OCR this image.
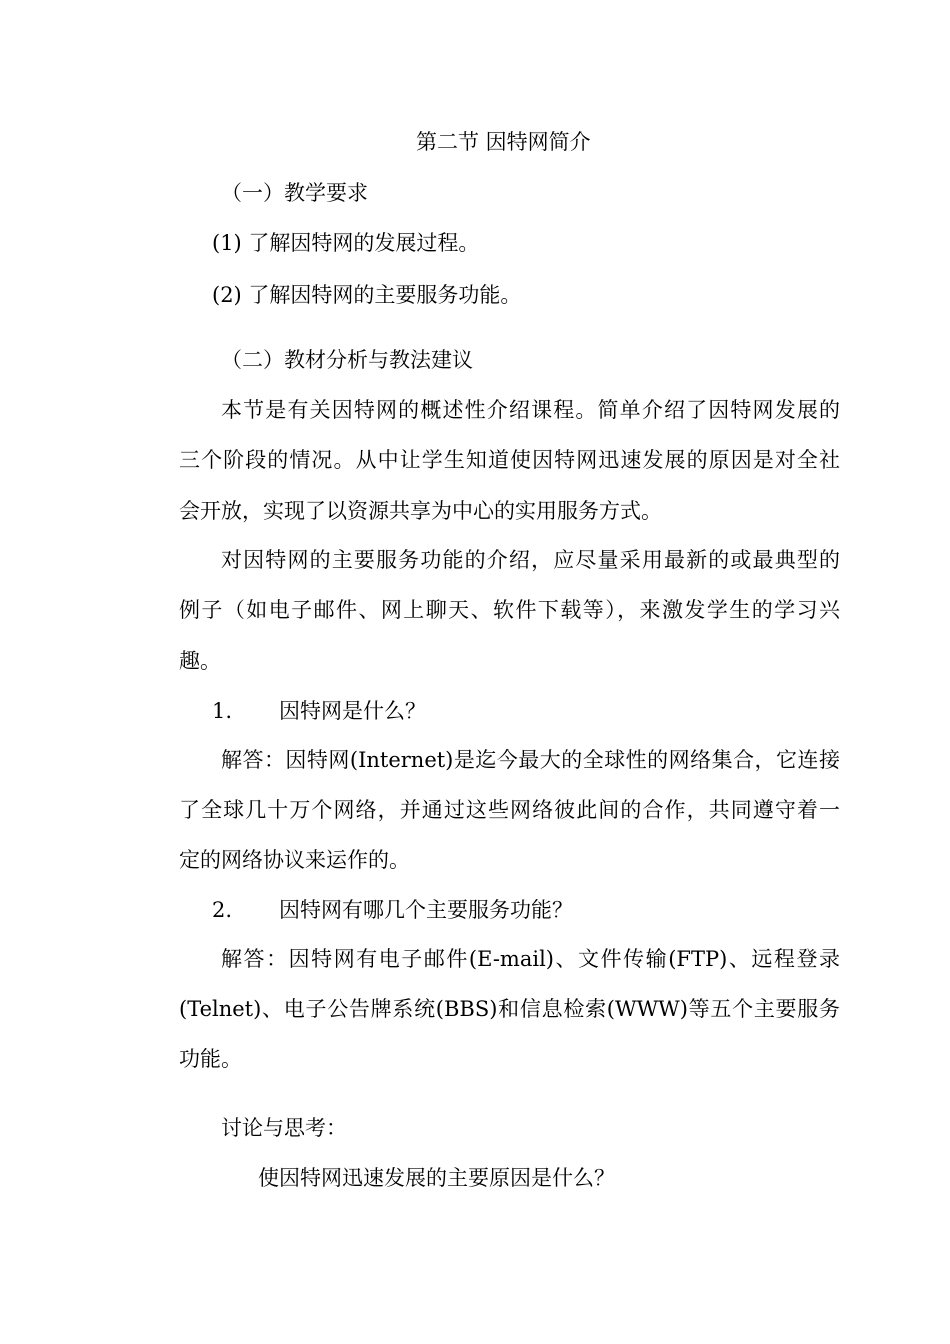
第二节 因特网简介
（一）教学要求
(1) 了解因特网的发展过程。
(2) 了解因特网的主要服务功能。
（二）教材分析与教法建议
本节是有关因特网的概述性介绍课程。简单介绍了因特网发展的
三个阶段的情况。从中让学生知道使因特网迅速发展的原因是对全社
会开放，实现了以资源共享为中心的实用服务方式。
对因特网的主要服务功能的介绍，应尽量采用最新的或最典型的
例子（如电子邮件、网上聊天、软件下载等），来激发学生的学习兴
趣。
1. 因特网是什么？
解答：因特网(Internet)是迄今最大的全球性的网络集合，它连接
了全球几十万个网络，并通过这些网络彼此间的合作，共同遵守着一
定的网络协议来运作的。
2. 因特网有哪几个主要服务功能？
解答：因特网有电子邮件(E-mail)、文件传输(FTP)、远程登录
(Telnet)、电子公告牌系统(BBS)和信息检索(WWW)等五个主要服务
功能。
讨论与思考：
使因特网迅速发展的主要原因是什么？
